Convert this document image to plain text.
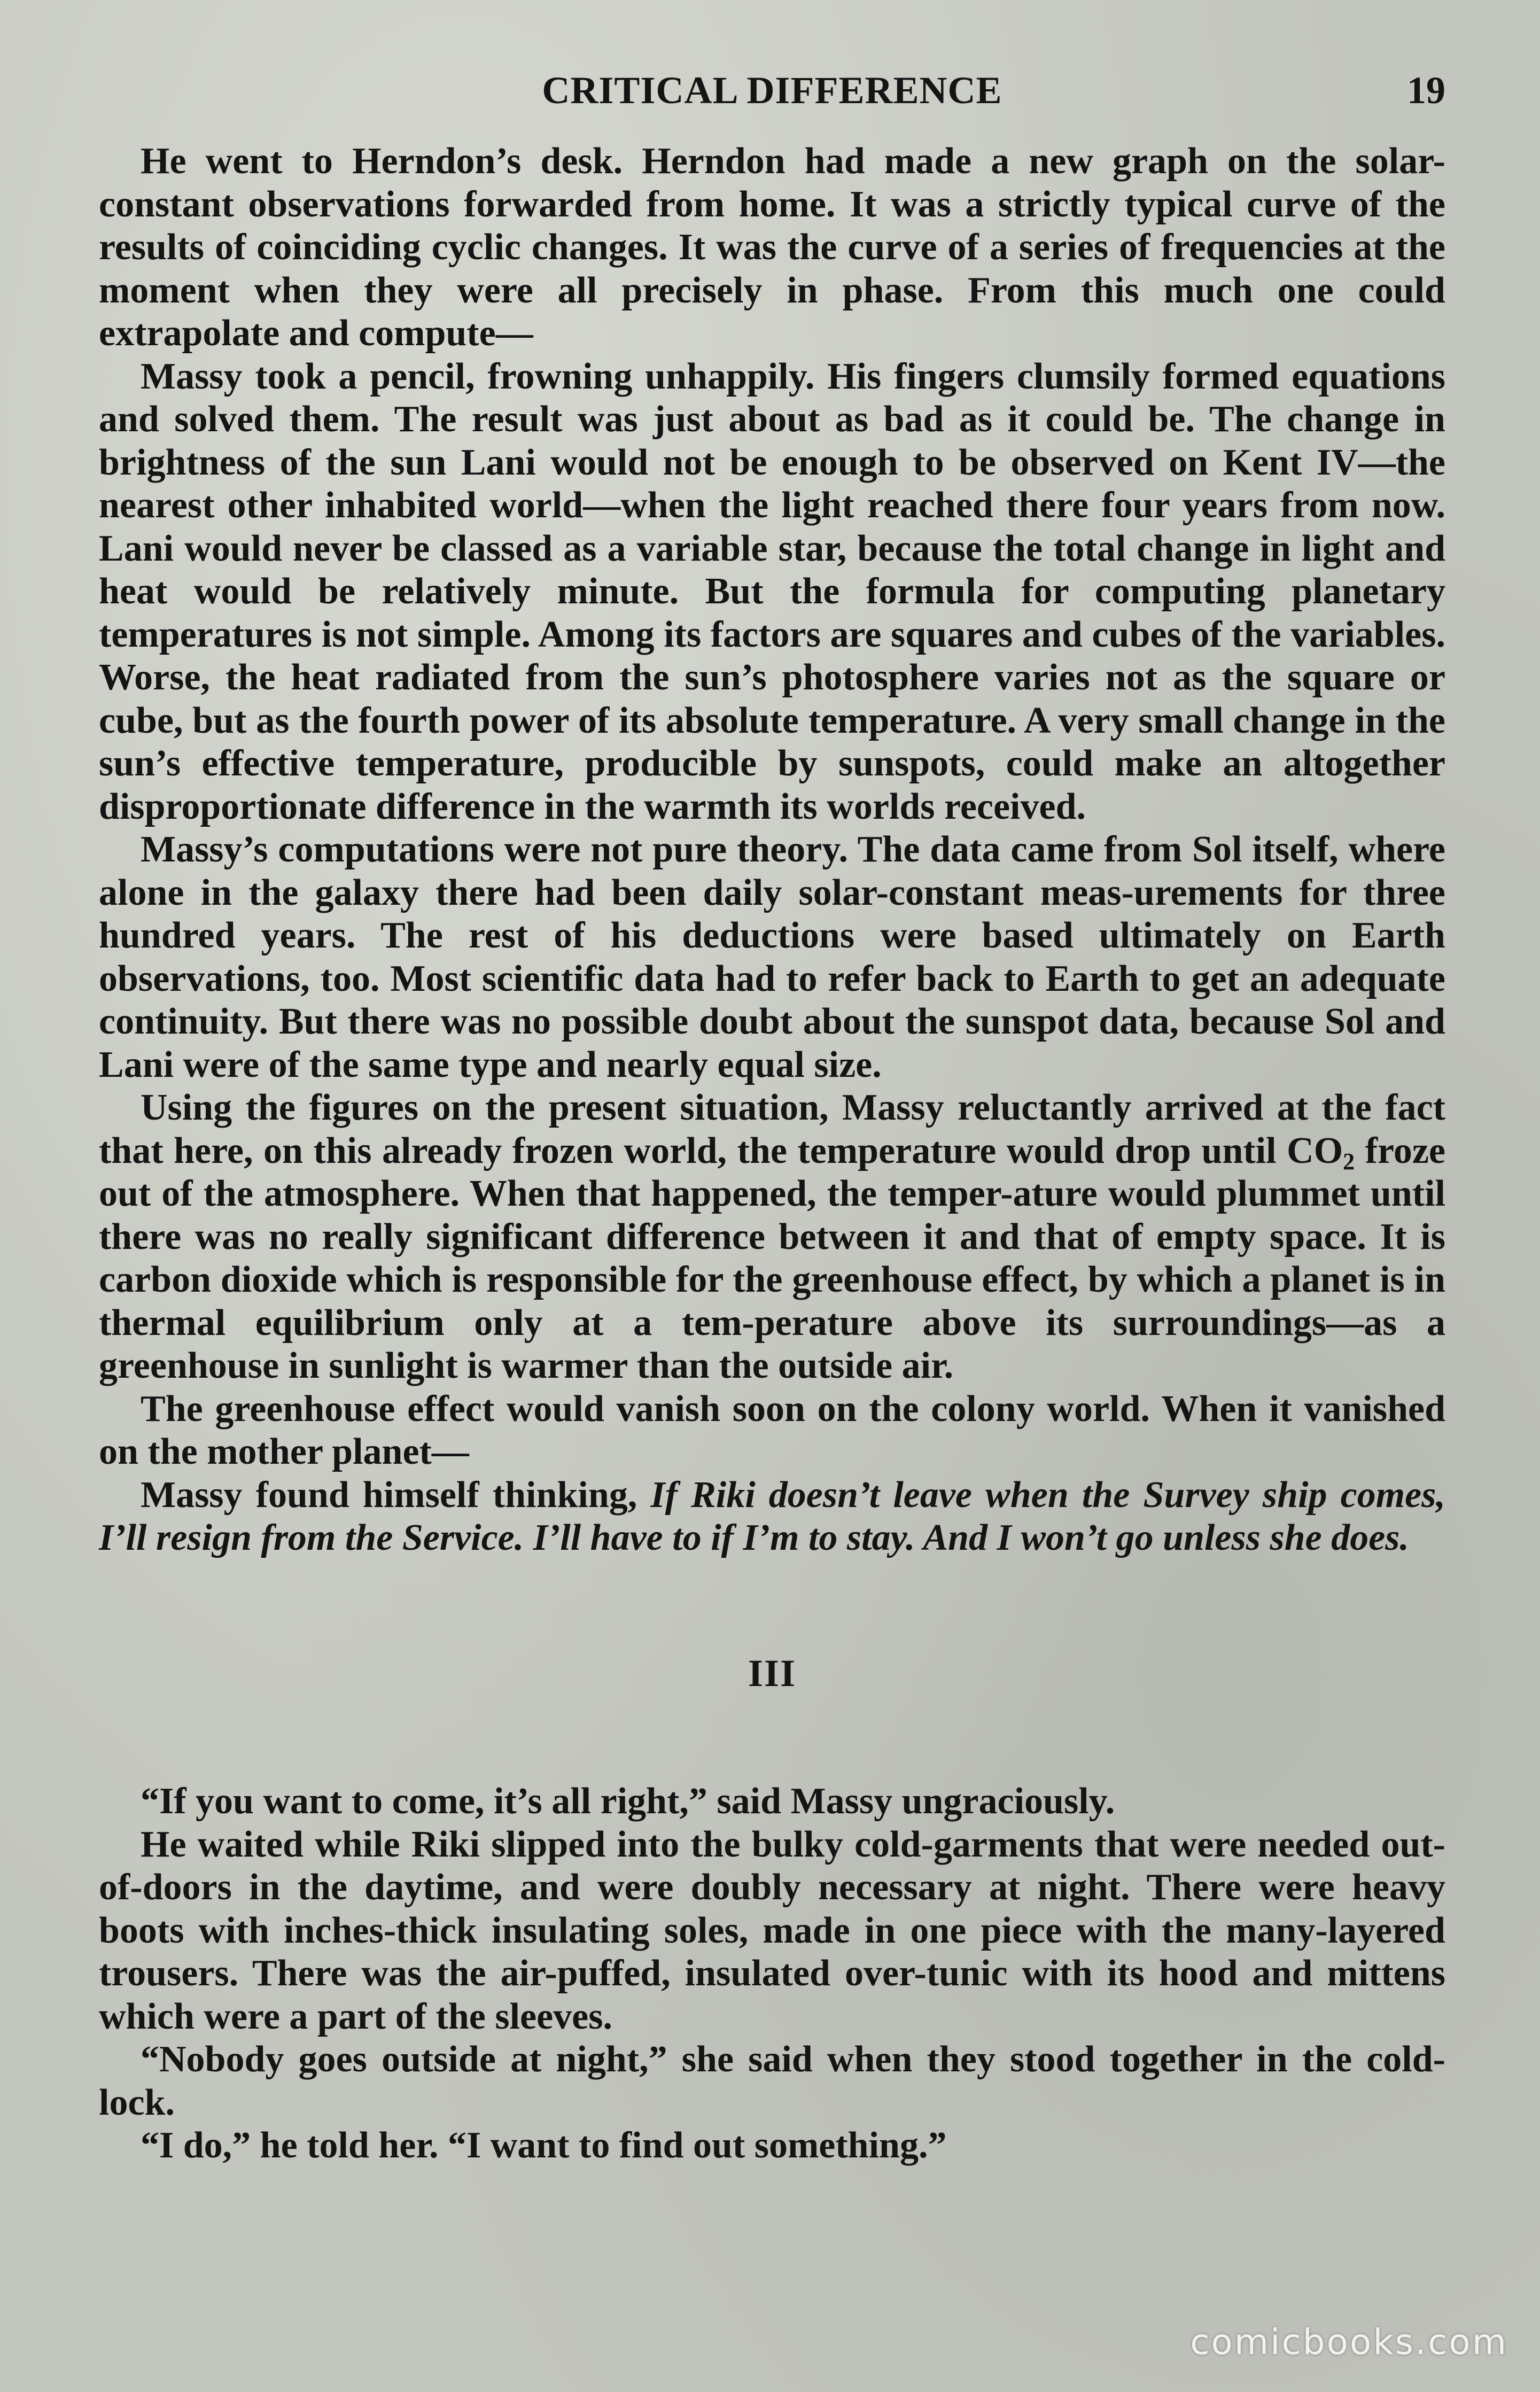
CRITICAL DIFFERENCE	19

He went to Herndon’s desk. Herndon had made a new graph on the solar-constant observations forwarded from home. It was a strictly typical curve of the results of coinciding cyclic changes. It was the curve of a series of frequencies at the moment when they were all precisely in phase. From this much one could extrapolate and compute—

Massy took a pencil, frowning unhappily. His fingers clumsily formed equations and solved them. The result was just about as bad as it could be. The change in brightness of the sun Lani would not be enough to be observed on Kent IV—the nearest other inhabited world—when the light reached there four years from now. Lani would never be classed as a variable star, because the total change in light and heat would be relatively minute. But the formula for computing planetary temperatures is not simple. Among its factors are squares and cubes of the variables. Worse, the heat radiated from the sun’s photosphere varies not as the square or cube, but as the fourth power of its absolute temperature. A very small change in the sun’s effective temperature, producible by sunspots, could make an altogether disproportionate difference in the warmth its worlds received.

Massy’s computations were not pure theory. The data came from Sol itself, where alone in the galaxy there had been daily solar-constant meas-urements for three hundred years. The rest of his deductions were based ultimately on Earth observations, too. Most scientific data had to refer back to Earth to get an adequate continuity. But there was no possible doubt about the sunspot data, because Sol and Lani were of the same type and nearly equal size.

Using the figures on the present situation, Massy reluctantly arrived at the fact that here, on this already frozen world, the temperature would drop until $CO_2$ froze out of the atmosphere. When that happened, the temper-ature would plummet until there was no really significant difference between it and that of empty space. It is carbon dioxide which is responsible for the greenhouse effect, by which a planet is in thermal equilibrium only at a tem-perature above its surroundings—as a greenhouse in sunlight is warmer than the outside air.

The greenhouse effect would vanish soon on the colony world. When it vanished on the mother planet—

Massy found himself thinking, If Riki doesn’t leave when the Survey ship comes, I’ll resign from the Service. I’ll have to if I’m to stay. And I won’t go unless she does.

III

“If you want to come, it’s all right,” said Massy ungraciously.

He waited while Riki slipped into the bulky cold-garments that were needed out-of-doors in the daytime, and were doubly necessary at night. There were heavy boots with inches-thick insulating soles, made in one piece with the many-layered trousers. There was the air-puffed, insulated over-tunic with its hood and mittens which were a part of the sleeves.

“Nobody goes outside at night,” she said when they stood together in the cold-lock.

“I do,” he told her. “I want to find out something.”

comicbooks.com
